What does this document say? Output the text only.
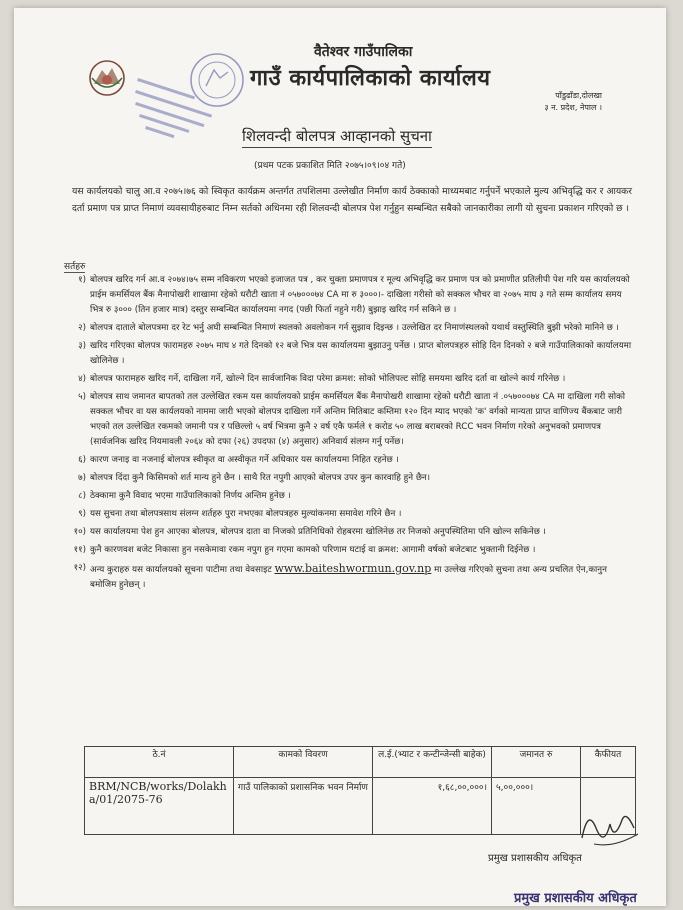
वैतेश्वर गाउँपालिका
गाउँ कार्यपालिकाको कार्यालय
पाँडुढाँडा,दोलखा
३ न. प्रदेश, नेपाल ।
शिलवन्दी बोलपत्र आव्हानको सुचना
(प्रथम पटक प्रकाशित मिति २०७५।०९।०४ गते)
यस कार्यलयको चालु आ.व २०७५।७६ को स्विकृत कार्यक्रम अन्तर्गत तपशिलमा उल्लेखीत निर्माण कार्य ठेक्काको माध्यमबाट गर्नुपर्ने भएकाले मुल्य अभिवृद्धि कर र आयकर दर्ता प्रमाण पत्र प्राप्त निमाणं व्यवसायीहरुबाट निम्न सर्तको अधिनमा रही शिलवन्दी बोलपत्र पेश गर्नुहुन सम्बन्धित सबैको जानकारीका लागी यो सुचना प्रकाशन गरिएको छ ।
सर्तहरु
१) बोलपत्र खरिद गर्न आ.व २०७४।७५ सम्म नविकरण भएको इजाजत पत्र , कर चुक्ता प्रमाणपत्र र मूल्य अभिवृद्धि कर प्रमाण पत्र को प्रमाणीत प्रतिलीपी पेश गरि यस कार्यालयको प्राईम कमर्सियल बैंक मैनापोखरी शाखामा रहेको धरौटी खाता नं ०५७०००७४ CA मा रु ३०००।- दाखिला गरीसो को सक्कल भौचर वा २०७५ माघ ३ गते सम्म कार्यालय समय भित्र रु ३००० (तिन हजार मात्र) दस्तुर सम्बन्धित कार्यालयमा नगद (पछी फिर्ता नहुने गरी) बुझाइ खरिद गर्न सकिने छ ।
२) बोलपत्र दाताले बोलपत्रमा दर रेट भर्नु अघी सम्बन्धित निमाणं स्थलको अवलोकन गर्न सुझाव दिइन्छ । उल्लेखित दर निमाणंस्थलको यथार्थ वस्तुस्थिति बुझी भरेको मानिने छ ।
३) खरिद गरिएका बोलपत्र फारामहरु २०७५ माघ ४ गते दिनको १२ बजे भित्र यस कार्यालयमा बुझाउनु पर्नेछ । प्राप्त बोलपत्रहरु सोहि दिन दिनको २ बजे गाउँपालिकाको कार्यालयमा खोलिनेछ ।
४) बोलपत्र फारामहरु खरिद गर्ने, दाखिला गर्ने, खोल्ने दिन सार्वजानिक विदा परेमा क्रमश: सोको भोलिपल्ट सोहि समयमा खरिद दर्ता वा खोल्ने कार्य गरिनेछ ।
५) बोलपत्र साथ जमानत बापतको तल उल्लेखित रकम यस कार्यालयको प्राईम कमर्सियल बैंक मैनापोखरी शाखामा रहेको धरौटी खाता नं .०५७०००७४ CA मा दाखिला गरी सोको सक्कल भौचर वा यस कार्यलयको नाममा जारी भएको बोलपत्र दाखिला गर्ने अन्तिम मितिबाट कम्तिमा १२० दिन म्याद भएको 'क' वर्गको मान्यता प्राप्त वाणिज्य बैंकबाट जारी भएको तल उल्लेखित रकमको जमानी पत्र र पछिल्लो ५ वर्ष भित्रमा कुनै २ वर्ष एकै फर्मले १ करोड ५० लाख बराबरको RCC भवन निर्माण गरेको अनुभवको प्रमाणपत्र (सार्वजनिक खरिद नियमावली २०६४ को दफा (२६) उपदफा (४) अनुसार) अनिवार्य संलग्न गर्नु पर्नेछ।
६) कारण जनाइ वा नजनाई बोलपत्र स्वीकृत वा अस्वीकृत गर्ने अधिकार यस कार्यालयमा निहित रहनेछ ।
७) बोलपत्र दिंदा कुनै किसिमको शर्त मान्य हुने छैन । साथै रित नपुगी आएको बोलपत्र उपर कुन कारवाहि हुने छैन।
८) ठेक्कामा कुनै विवाद भएमा गाउँपालिकाको निर्णय अन्तिम हुनेछ ।
९) यस सुचना तथा बोलपत्रसाथ संलग्न शर्तहरु पुरा नभएका बोलपत्रहरु मुल्यांकनमा समावेश गरिने छैन ।
१०) यस कार्यालयमा पेश हुन आएका बोलपत्र, बोलपत्र दाता वा निजको प्रतिनिधिको रोहबरमा खोलिनेछ तर निजको अनुपस्थितिमा पनि खोल्न सकिनेछ ।
११) कुनै कारणवश बजेट निकासा हुन नसकेमावा रकम नपुग हुन गएमा कामको परिणाम घटाई वा क्रमश: आगामी वर्षको बजेटबाट भुक्तानी दिईनेछ ।
१२) अन्य कुराहरु यस कार्यालयको सूचना पाटीमा तथा वेवसाइट www.baiteshwormun.gov.np मा उल्लेख गरिएको सुचना तथा अन्य प्रचलित ऐन,कानुन बमोजिम हुनेछन् ।
ठे.नं	कामको विवरण	ल.ई.(भ्याट र कन्टीन्जेन्सी बाहेक)	जमानत रु	कैफीयत
BRM/NCB/works/Dolakha/01/2075-76	गाउँ पालिकाको प्रशासनिक भवन निर्माण	१,६८,००,०००।	५,००,०००।	
प्रमुख प्रशासकीय अधिकृत
प्रमुख प्रशासकीय अधिकृत
